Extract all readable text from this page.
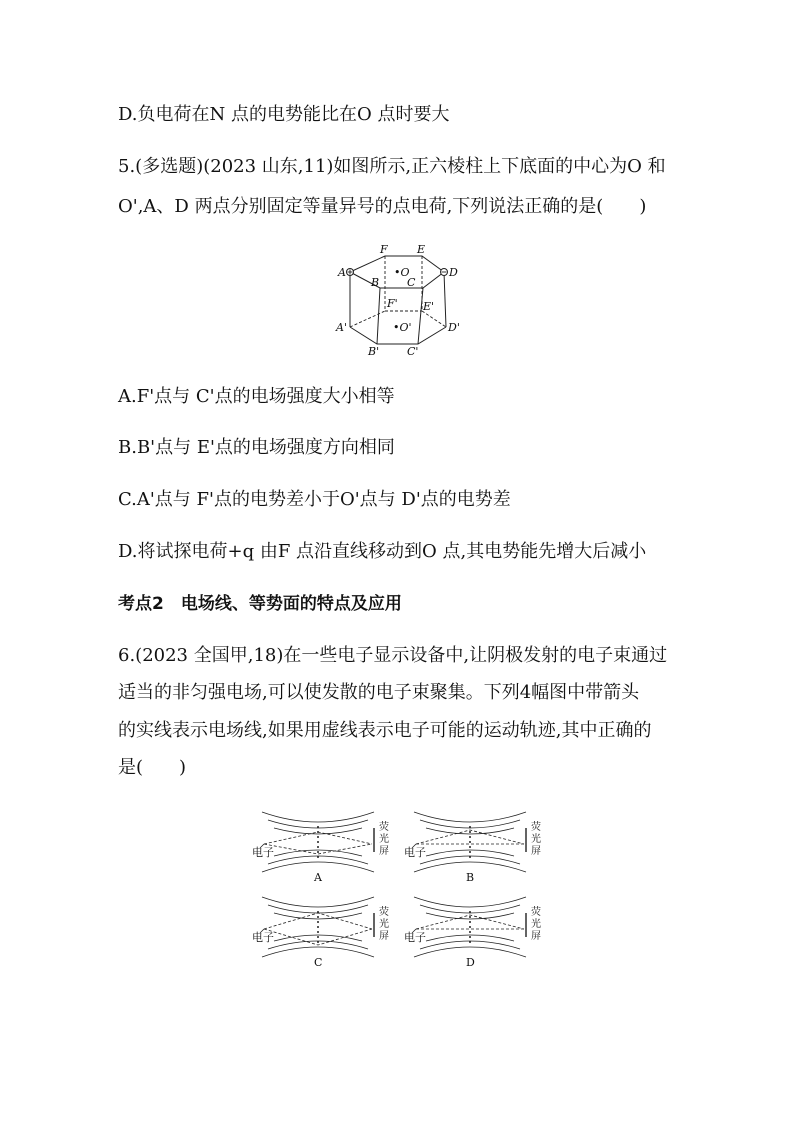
D.负电荷在N 点的电势能比在O 点时要大
5.(多选题)(2023 山东,11)如图所示,正六棱柱上下底面的中心为O 和
O',A、D 两点分别固定等量异号的点电荷,下列说法正确的是(　　)
A	D
F	E
B	C
•O
F' E'
A'	D'
•O'
B'	C'
A.F'点与 C'点的电场强度大小相等
B.B'点与 E'点的电场强度方向相同
C.A'点与 F'点的电势差小于O'点与 D'点的电势差
D.将试探电荷+q 由F 点沿直线移动到O 点,其电势能先增大后减小
考点2　电场线、等势面的特点及应用
6.(2023 全国甲,18)在一些电子显示设备中,让阴极发射的电子束通过
适当的非匀强电场,可以使发散的电子束聚集。下列4幅图中带箭头
的实线表示电场线,如果用虚线表示电子可能的运动轨迹,其中正确的
是(　　)
电子
荧
光
屏
A
电子
荧
光
屏
B
电子
荧
光
屏
C
电子
荧
光
屏
D
